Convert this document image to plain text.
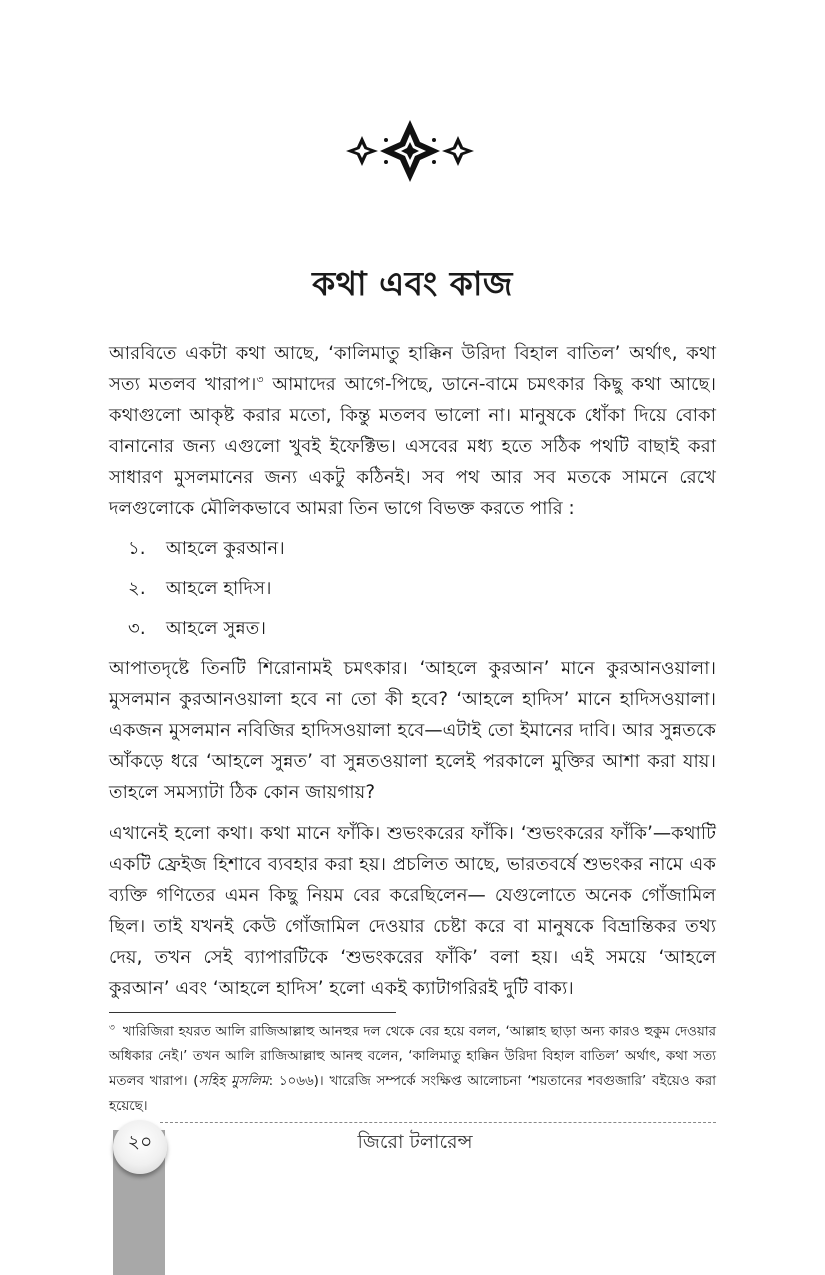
কথা এবং কাজ

আরবিতে একটা কথা আছে, ‘কালিমাতু হাক্কিন উরিদা বিহাল বাতিল’ অর্থাৎ, কথা সত্য মতলব খারাপ।$^৩$ আমাদের আগে-পিছে, ডানে-বামে চমৎকার কিছু কথা আছে। কথাগুলো আকৃষ্ট করার মতো, কিন্তু মতলব ভালো না। মানুষকে ধোঁকা দিয়ে বোকা বানানোর জন্য এগুলো খুবই ইফেক্টিভ। এসবের মধ্য হতে সঠিক পথটি বাছাই করা সাধারণ মুসলমানের জন্য একটু কঠিনই। সব পথ আর সব মতকে সামনে রেখে দলগুলোকে মৌলিকভাবে আমরা তিন ভাগে বিভক্ত করতে পারি :

১.	আহলে কুরআন।
২.	আহলে হাদিস।
৩.	আহলে সুন্নত।

আপাতদৃষ্টে তিনটি শিরোনামই চমৎকার। ‘আহলে কুরআন’ মানে কুরআনওয়ালা। মুসলমান কুরআনওয়ালা হবে না তো কী হবে? ‘আহলে হাদিস’ মানে হাদিসওয়ালা। একজন মুসলমান নবিজির হাদিসওয়ালা হবে—এটাই তো ইমানের দাবি। আর সুন্নতকে আঁকড়ে ধরে ‘আহলে সুন্নত’ বা সুন্নতওয়ালা হলেই পরকালে মুক্তির আশা করা যায়। তাহলে সমস্যাটা ঠিক কোন জায়গায়?

এখানেই হলো কথা। কথা মানে ফাঁকি। শুভংকরের ফাঁকি। ‘শুভংকরের ফাঁকি’—কথাটি একটি ফ্রেইজ হিশাবে ব্যবহার করা হয়। প্রচলিত আছে, ভারতবর্ষে শুভংকর নামে এক ব্যক্তি গণিতের এমন কিছু নিয়ম বের করেছিলেন— যেগুলোতে অনেক গোঁজামিল ছিল। তাই যখনই কেউ গোঁজামিল দেওয়ার চেষ্টা করে বা মানুষকে বিভ্রান্তিকর তথ্য দেয়, তখন সেই ব্যাপারটিকে ‘শুভংকরের ফাঁকি’ বলা হয়। এই সময়ে ‘আহলে কুরআন’ এবং ‘আহলে হাদিস’ হলো একই ক্যাটাগরিরই দুটি বাক্য।

$^৩$ খারিজিরা হযরত আলি রাজিআল্লাহু আনহুর দল থেকে বের হয়ে বলল, ‘আল্লাহ ছাড়া অন্য কারও হুকুম দেওয়ার অধিকার নেই।’ তখন আলি রাজিআল্লাহু আনহু বলেন, ‘কালিমাতু হাক্কিন উরিদা বিহাল বাতিল’ অর্থাৎ, কথা সত্য মতলব খারাপ। (সহিহ মুসলিম: ১০৬৬)। খারেজি সম্পর্কে সংক্ষিপ্ত আলোচনা ‘শয়তানের শবগুজারি’ বইয়েও করা হয়েছে।

২০	জিরো টলারেন্স
